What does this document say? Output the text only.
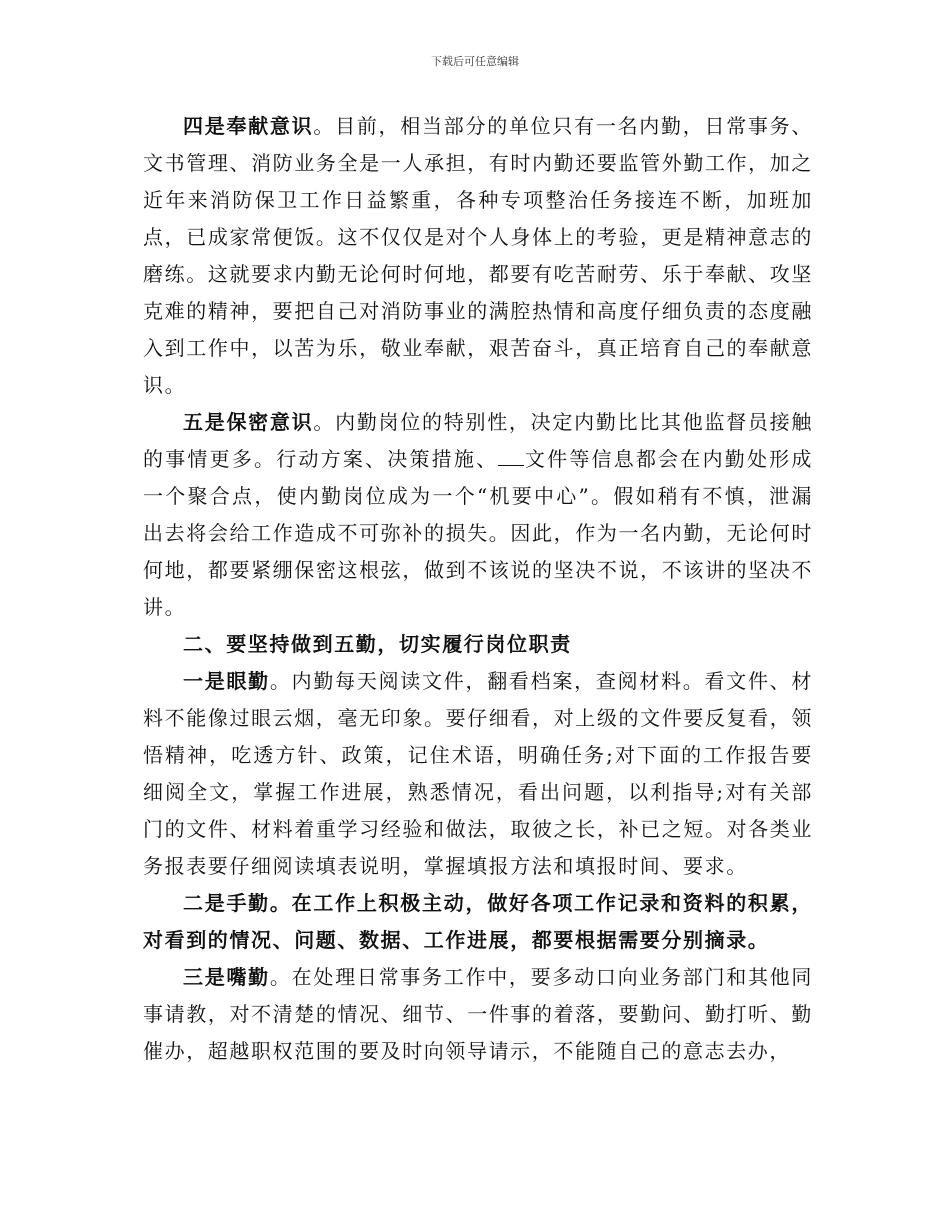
下载后可任意编辑

四是奉献意识。目前，相当部分的单位只有一名内勤，日常事务、文书管理、消防业务全是一人承担，有时内勤还要监管外勤工作，加之近年来消防保卫工作日益繁重，各种专项整治任务接连不断，加班加点，已成家常便饭。这不仅仅是对个人身体上的考验，更是精神意志的磨练。这就要求内勤无论何时何地，都要有吃苦耐劳、乐于奉献、攻坚克难的精神，要把自己对消防事业的满腔热情和高度仔细负责的态度融入到工作中，以苦为乐，敬业奉献，艰苦奋斗，真正培育自己的奉献意识。

五是保密意识。内勤岗位的特别性，决定内勤比比其他监督员接触的事情更多。行动方案、决策措施、 文件等信息都会在内勤处形成一个聚合点，使内勤岗位成为一个“机要中心”。假如稍有不慎，泄漏出去将会给工作造成不可弥补的损失。因此，作为一名内勤，无论何时何地，都要紧绷保密这根弦，做到不该说的坚决不说，不该讲的坚决不讲。

二、要坚持做到五勤，切实履行岗位职责

一是眼勤。内勤每天阅读文件，翻看档案，查阅材料。看文件、材料不能像过眼云烟，毫无印象。要仔细看，对上级的文件要反复看，领悟精神，吃透方针、政策，记住术语，明确任务;对下面的工作报告要细阅全文，掌握工作进展，熟悉情况，看出问题，以利指导;对有关部门的文件、材料着重学习经验和做法，取彼之长，补已之短。对各类业务报表要仔细阅读填表说明，掌握填报方法和填报时间、要求。

二是手勤。在工作上积极主动，做好各项工作记录和资料的积累，对看到的情况、问题、数据、工作进展，都要根据需要分别摘录。

三是嘴勤。在处理日常事务工作中，要多动口向业务部门和其他同事请教，对不清楚的情况、细节、一件事的着落，要勤问、勤打听、勤催办，超越职权范围的要及时向领导请示，不能随自己的意志去办，
